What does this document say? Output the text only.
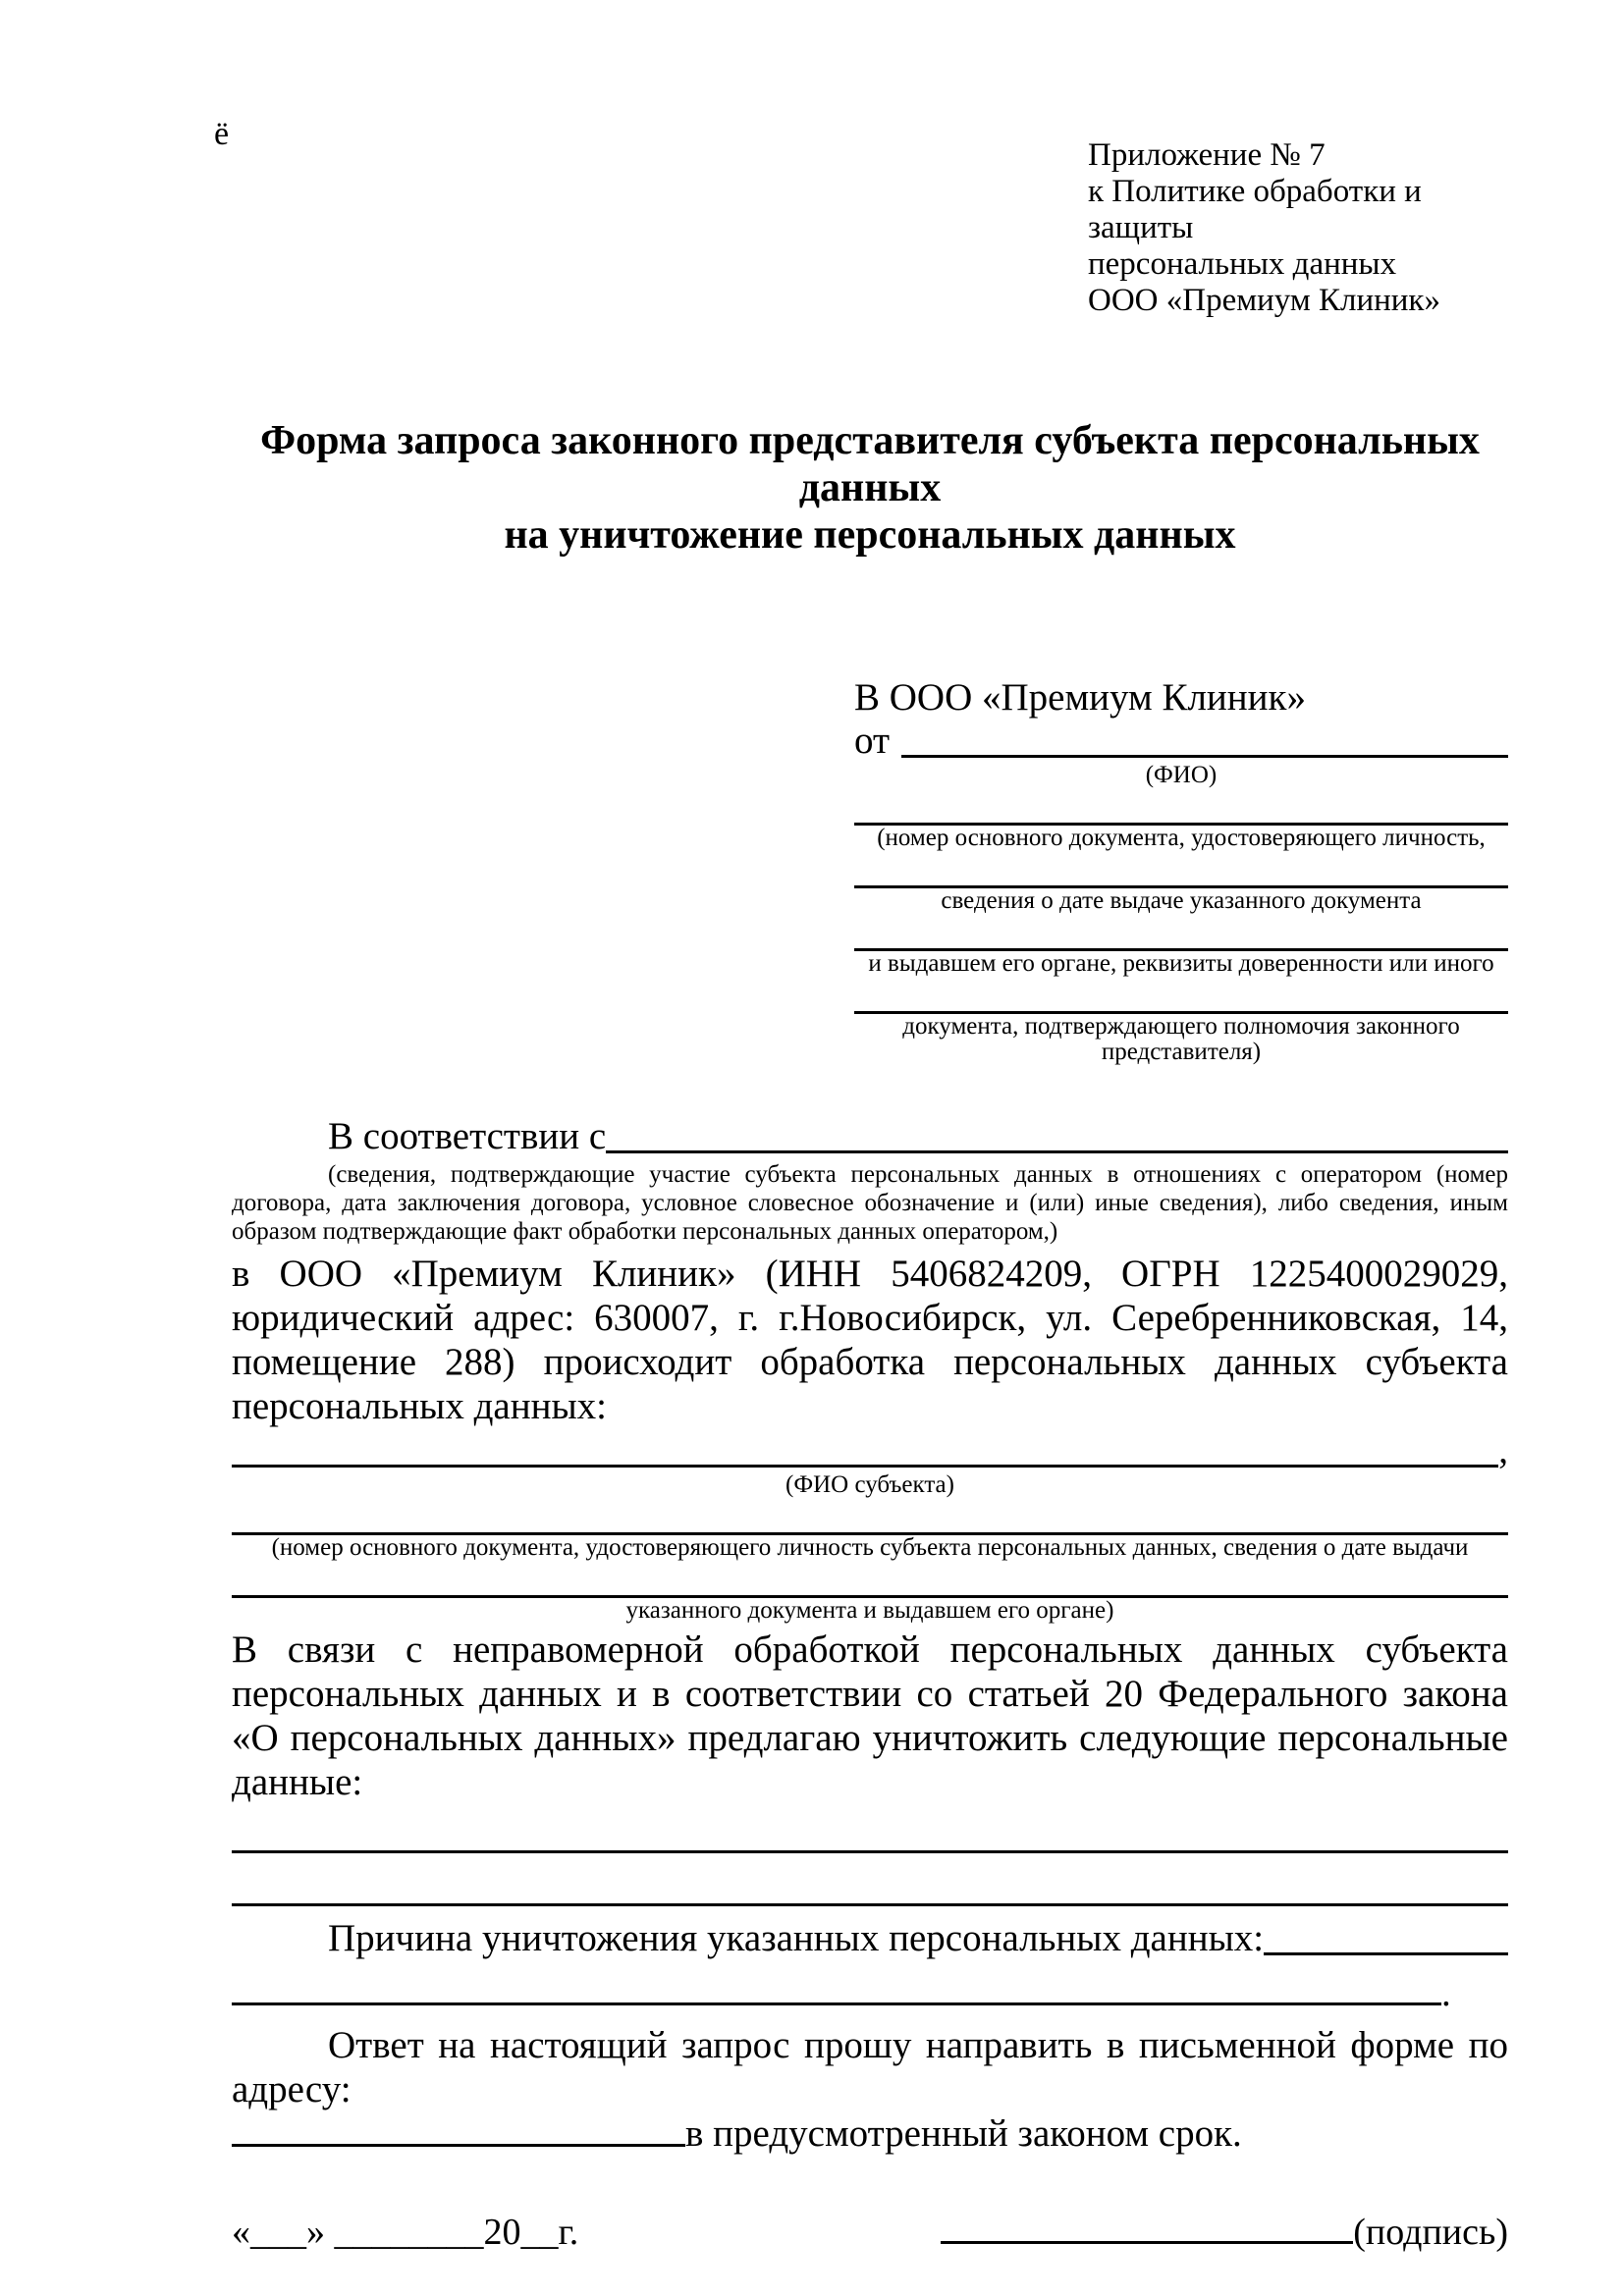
ё
Приложение № 7
к Политике обработки и защиты
персональных данных
ООО «Премиум Клиник»
Форма запроса законного представителя субъекта персональных данных
на уничтожение персональных данных
В ООО «Премиум Клиник»
от
(ФИО)
(номер основного документа, удостоверяющего личность,
сведения о дате выдаче указанного документа
и выдавшем его органе, реквизиты доверенности или иного
документа, подтверждающего полномочия законного представителя)
В соответствии с

(сведения, подтверждающие участие субъекта персональных данных в отношениях с оператором (номер договора, дата заключения договора, условное словесное обозначение и (или) иные сведения), либо сведения, иным образом подтверждающие факт обработки персональных данных оператором,)

в ООО «Премиум Клиник» (ИНН 5406824209, ОГРН 1225400029029, юридический адрес: 630007, г. г.Новосибирск, ул. Серебренниковская, 14, помещение 288) происходит обработка персональных данных субъекта персональных данных:

,
(ФИО субъекта)
(номер основного документа, удостоверяющего личность субъекта персональных данных, сведения о дате выдачи
указанного документа и выдавшем его органе)

В связи с неправомерной обработкой персональных данных субъекта персональных данных и в соответствии со статьей 20 Федерального закона «О персональных данных» предлагаю уничтожить следующие персональные данные:

Причина уничтожения указанных персональных данных:
.

Ответ на настоящий запрос прошу направить в письменной форме по адресу:

в предусмотренный законом срок.
«___» ________20__г.	(подпись)
